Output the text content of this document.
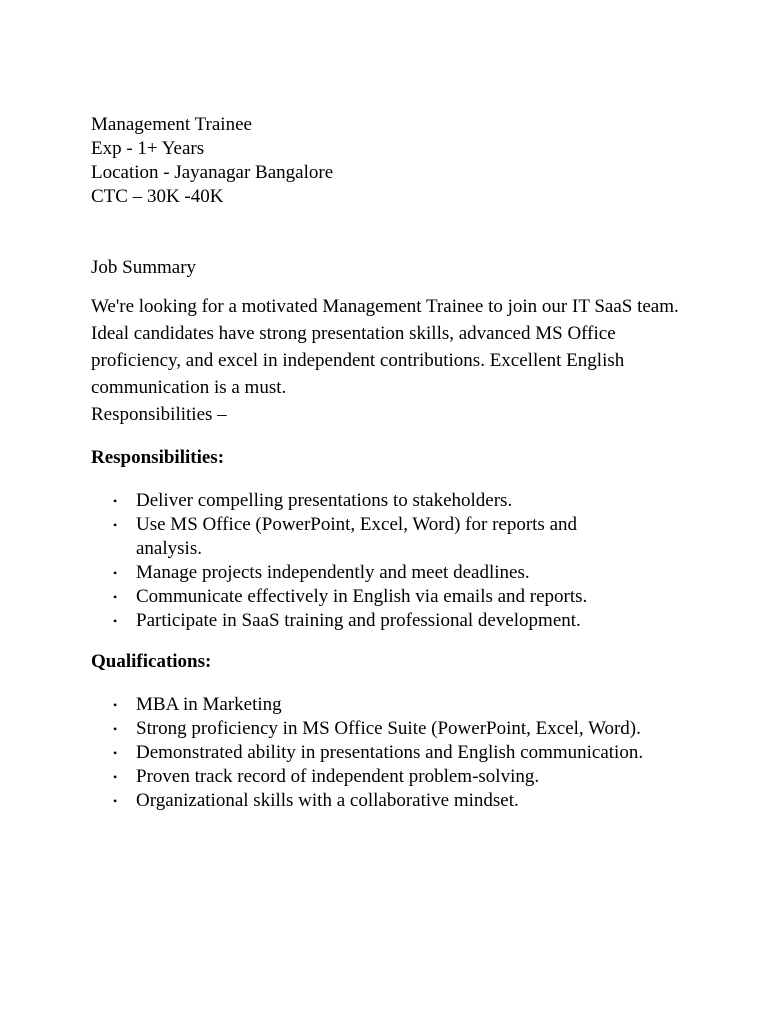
Management Trainee

Exp - 1+ Years

Location - Jayanagar Bangalore

CTC – 30K -40K

Job Summary

We're looking for a motivated Management Trainee to join our IT SaaS team. Ideal candidates have strong presentation skills, advanced MS Office proficiency, and excel in independent contributions. Excellent English communication is a must.

Responsibilities –

Responsibilities:

• Deliver compelling presentations to stakeholders.
• Use MS Office (PowerPoint, Excel, Word) for reports and analysis.
• Manage projects independently and meet deadlines.
• Communicate effectively in English via emails and reports.
• Participate in SaaS training and professional development.

Qualifications:

• MBA in Marketing
• Strong proficiency in MS Office Suite (PowerPoint, Excel, Word).
• Demonstrated ability in presentations and English communication.
• Proven track record of independent problem-solving.
• Organizational skills with a collaborative mindset.
